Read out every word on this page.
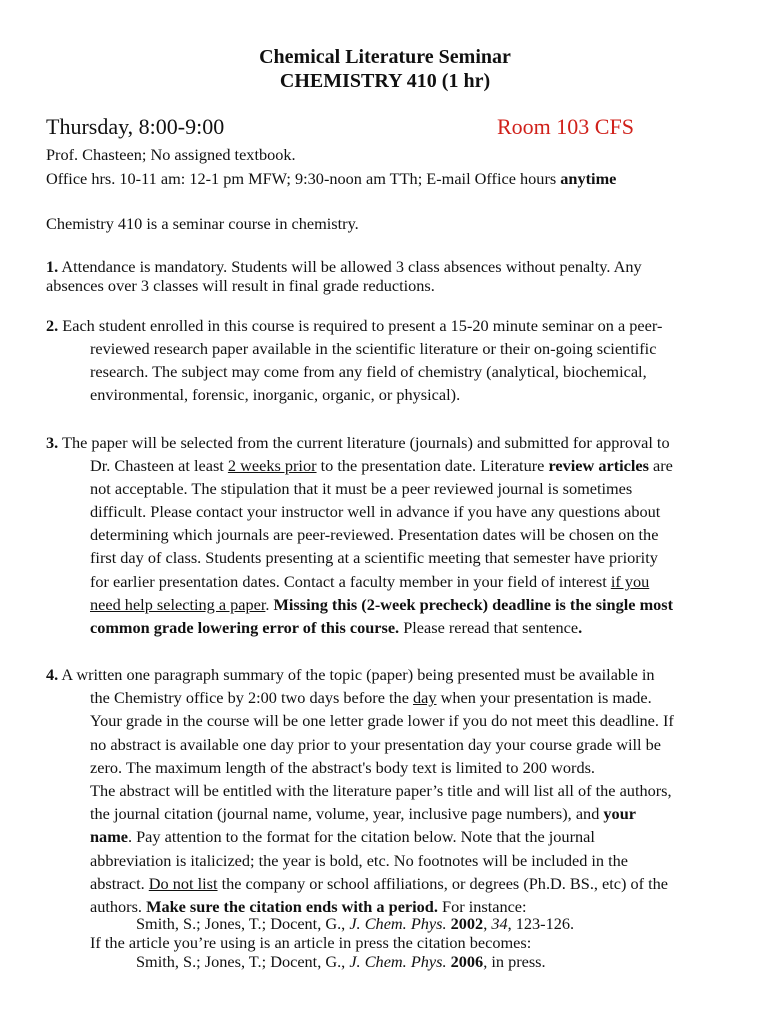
Chemical Literature Seminar
CHEMISTRY 410 (1 hr)
Thursday, 8:00-9:00	Room 103 CFS
Prof. Chasteen; No assigned textbook.
Office hrs. 10-11 am: 12-1 pm MFW; 9:30-noon am TTh; E-mail Office hours anytime
Chemistry 410 is a seminar course in chemistry.
1. Attendance is mandatory. Students will be allowed 3 class absences without penalty. Any
absences over 3 classes will result in final grade reductions.
2. Each student enrolled in this course is required to present a 15-20 minute seminar on a peer-
reviewed research paper available in the scientific literature or their on-going scientific
research. The subject may come from any field of chemistry (analytical, biochemical,
environmental, forensic, inorganic, organic, or physical).
3. The paper will be selected from the current literature (journals) and submitted for approval to
Dr. Chasteen at least 2 weeks prior to the presentation date. Literature review articles are
not acceptable. The stipulation that it must be a peer reviewed journal is sometimes
difficult. Please contact your instructor well in advance if you have any questions about
determining which journals are peer-reviewed. Presentation dates will be chosen on the
first day of class. Students presenting at a scientific meeting that semester have priority
for earlier presentation dates. Contact a faculty member in your field of interest if you
need help selecting a paper. Missing this (2-week precheck) deadline is the single most
common grade lowering error of this course. Please reread that sentence.
4. A written one paragraph summary of the topic (paper) being presented must be available in
the Chemistry office by 2:00 two days before the day when your presentation is made.
Your grade in the course will be one letter grade lower if you do not meet this deadline. If
no abstract is available one day prior to your presentation day your course grade will be
zero. The maximum length of the abstract's body text is limited to 200 words.
The abstract will be entitled with the literature paper’s title and will list all of the authors,
the journal citation (journal name, volume, year, inclusive page numbers), and your
name. Pay attention to the format for the citation below. Note that the journal
abbreviation is italicized; the year is bold, etc. No footnotes will be included in the
abstract. Do not list the company or school affiliations, or degrees (Ph.D. BS., etc) of the
authors. Make sure the citation ends with a period. For instance:
Smith, S.; Jones, T.; Docent, G., J. Chem. Phys. 2002, 34, 123-126.
If the article you’re using is an article in press the citation becomes:
Smith, S.; Jones, T.; Docent, G., J. Chem. Phys. 2006, in press.
